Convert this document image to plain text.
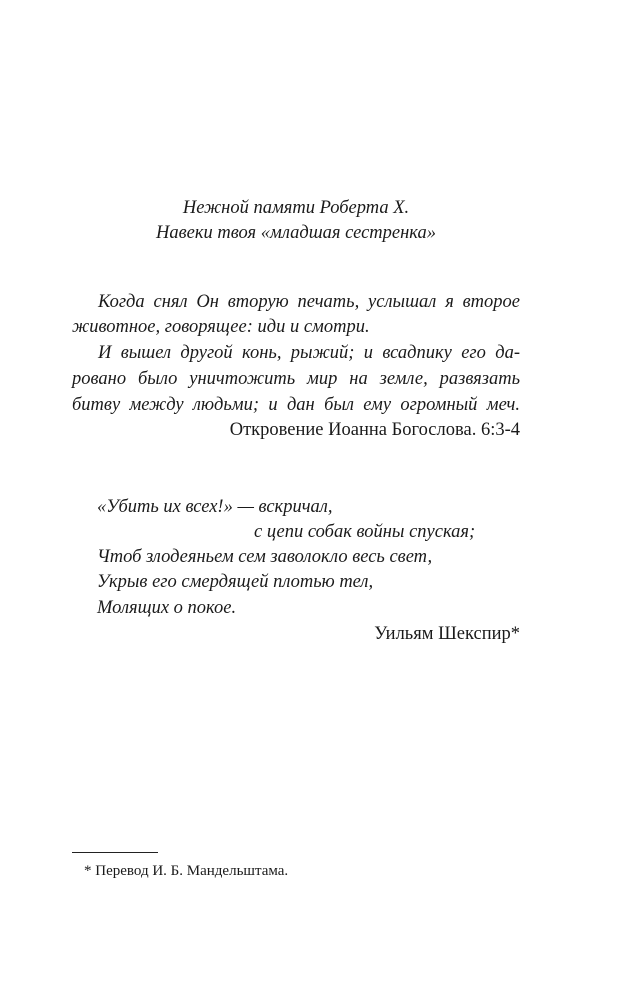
Нежной памяти Роберта Х.
Навеки твоя «младшая сестренка»
Когда снял Он вторую печать, услышал я второе
животное, говорящее: иди и смотри.
И вышел другой конь, рыжий; и всадnику его да-
ровано было уничтожить мир на земле, развязать
битву между людьми; и дан был ему огромный меч.
Откровение Иоанна Богослова. 6:3-4
«Убить их всех!» — вскричал,
с цепи собак войны спуская;
Чтоб злодеяньем сем заволокло весь свет,
Укрыв его смердящей плотью тел,
Молящих о покое.
Уильям Шекспир*
* Перевод И. Б. Мандельштама.
